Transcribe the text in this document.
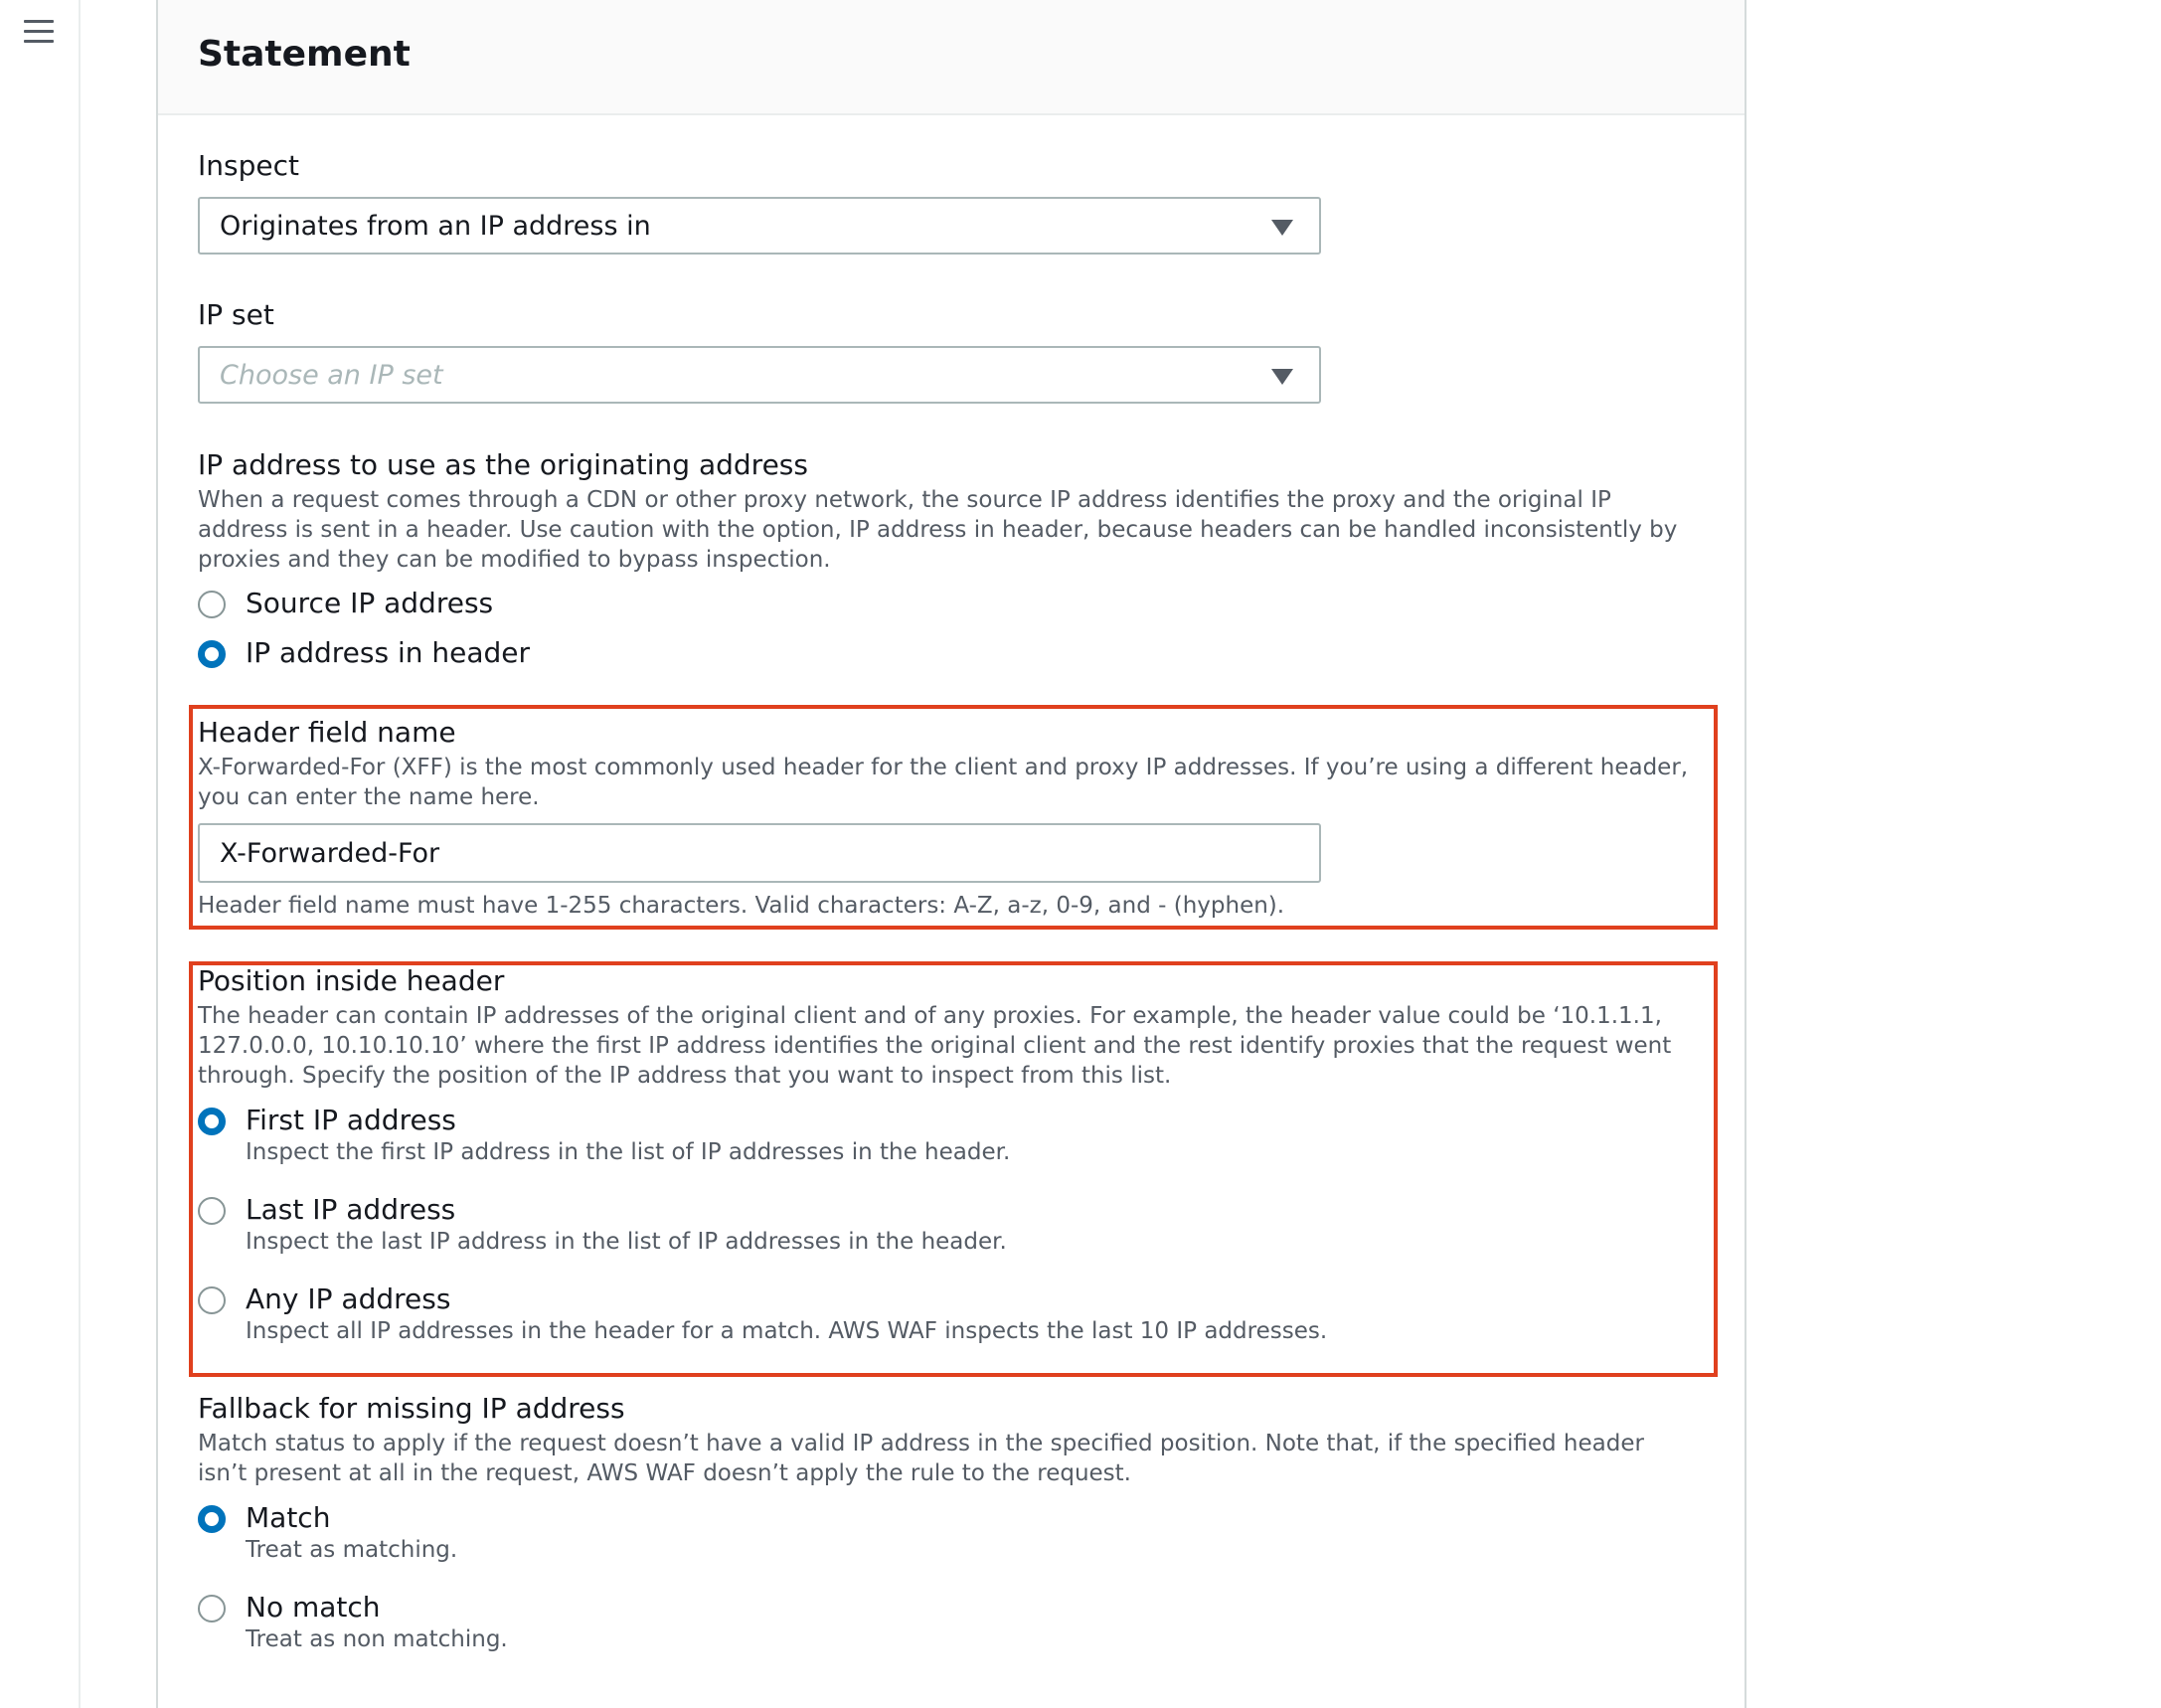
Statement
Inspect
Originates from an IP address in
IP set
Choose an IP set
IP address to use as the originating address
When a request comes through a CDN or other proxy network, the source IP address identifies the proxy and the original IP address is sent in a header. Use caution with the option, IP address in header, because headers can be handled inconsistently by proxies and they can be modified to bypass inspection.
Source IP address
IP address in header
Header field name
X-Forwarded-For (XFF) is the most commonly used header for the client and proxy IP addresses. If you’re using a different header, you can enter the name here.
X-Forwarded-For
Header field name must have 1-255 characters. Valid characters: A-Z, a-z, 0-9, and - (hyphen).
Position inside header
The header can contain IP addresses of the original client and of any proxies. For example, the header value could be ‘10.1.1.1, 127.0.0.0, 10.10.10.10’ where the first IP address identifies the original client and the rest identify proxies that the request went through. Specify the position of the IP address that you want to inspect from this list.
First IP address
Inspect the first IP address in the list of IP addresses in the header.
Last IP address
Inspect the last IP address in the list of IP addresses in the header.
Any IP address
Inspect all IP addresses in the header for a match. AWS WAF inspects the last 10 IP addresses.
Fallback for missing IP address
Match status to apply if the request doesn’t have a valid IP address in the specified position. Note that, if the specified header isn’t present at all in the request, AWS WAF doesn’t apply the rule to the request.
Match
Treat as matching.
No match
Treat as non matching.
